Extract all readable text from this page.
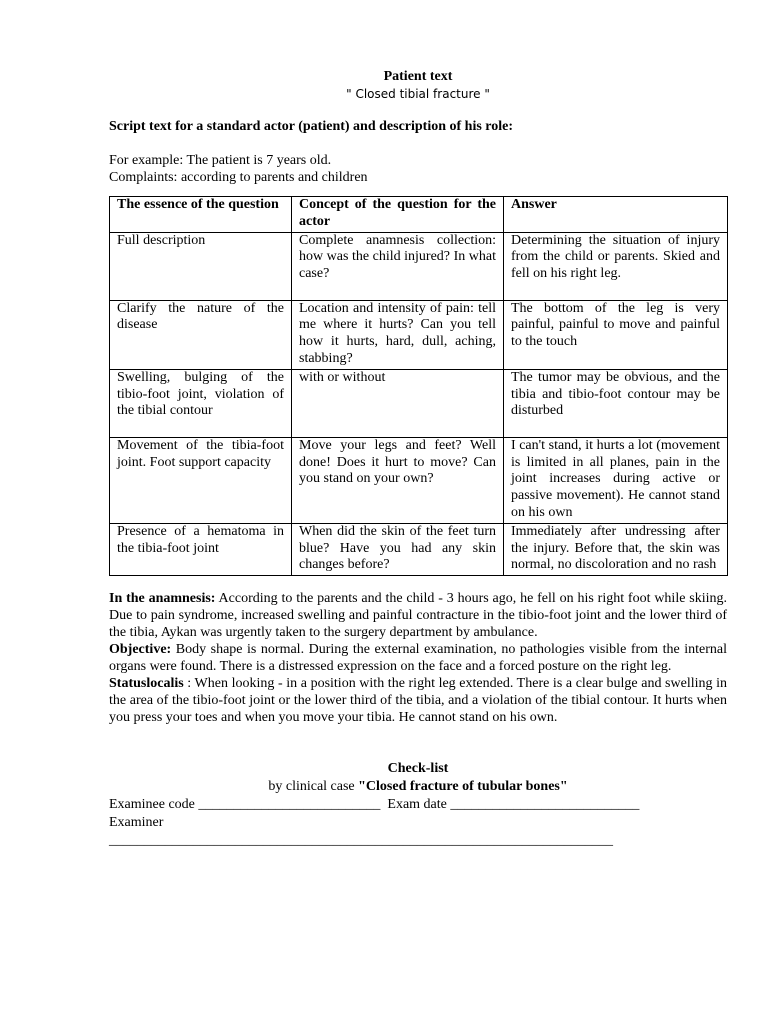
Patient text
" Closed tibial fracture "
Script text for a standard actor (patient) and description of his role:
For example: The patient is 7 years old.
Complaints: according to parents and children
The essence of the question	Concept of the question for the actor	Answer
Full description	Complete anamnesis collection: how was the child injured? In what case?	Determining the situation of injury from the child or parents. Skied and fell on his right leg.
Clarify the nature of the disease	Location and intensity of pain: tell me where it hurts? Can you tell how it hurts, hard, dull, aching, stabbing?	The bottom of the leg is very painful, painful to move and painful to the touch
Swelling, bulging of the tibio-foot joint, violation of the tibial contour	with or without	The tumor may be obvious, and the tibia and tibio-foot contour may be disturbed
Movement of the tibia-foot joint. Foot support capacity	Move your legs and feet? Well done! Does it hurt to move? Can you stand on your own?	I can't stand, it hurts a lot (movement is limited in all planes, pain in the joint increases during active or passive movement). He cannot stand on his own
Presence of a hematoma in the tibia-foot joint	When did the skin of the feet turn blue? Have you had any skin changes before?	Immediately after undressing after the injury. Before that, the skin was normal, no discoloration and no rash

In the anamnesis: According to the parents and the child - 3 hours ago, he fell on his right foot while skiing. Due to pain syndrome, increased swelling and painful contracture in the tibio-foot joint and the lower third of the tibia, Aykan was urgently taken to the surgery department by ambulance.

Objective: Body shape is normal. During the external examination, no pathologies visible from the internal organs were found. There is a distressed expression on the face and a forced posture on the right leg.

Statuslocalis : When looking - in a position with the right leg extended. There is a clear bulge and swelling in the area of the tibio-foot joint or the lower third of the tibia, and a violation of the tibial contour. It hurts when you press your toes and when you move your tibia. He cannot stand on his own.

Check-list
by clinical case "Closed fracture of tubular bones"
Examinee code __________________________  Exam date ___________________________
Examiner
________________________________________________________________________
